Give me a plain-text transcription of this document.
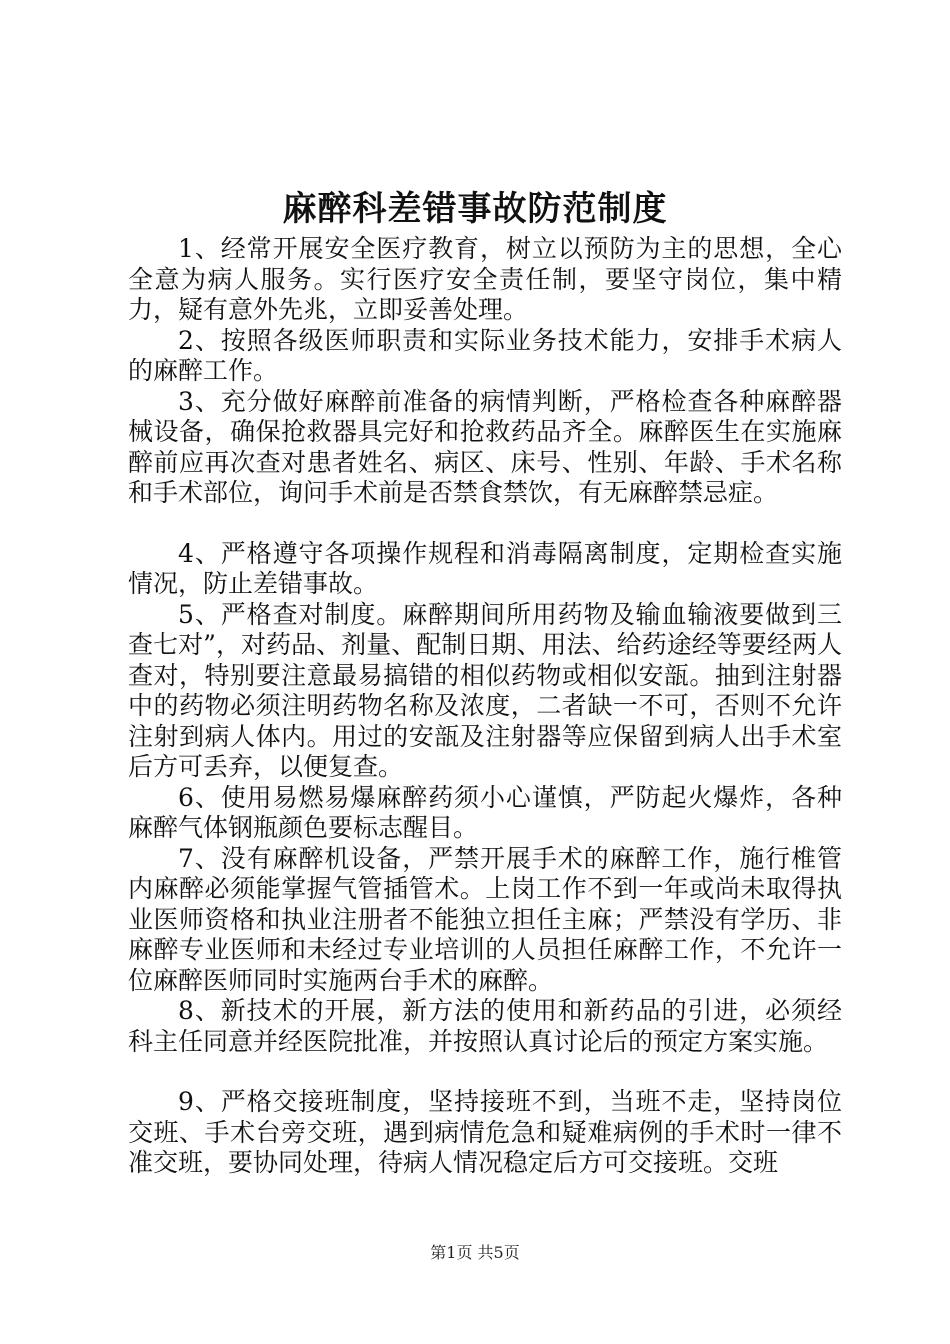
麻醉科差错事故防范制度

1、经常开展安全医疗教育，树立以预防为主的思想，全心全意为病人服务。实行医疗安全责任制，要坚守岗位，集中精力，疑有意外先兆，立即妥善处理。

2、按照各级医师职责和实际业务技术能力，安排手术病人的麻醉工作。

3、充分做好麻醉前准备的病情判断，严格检查各种麻醉器械设备，确保抢救器具完好和抢救药品齐全。麻醉医生在实施麻醉前应再次查对患者姓名、病区、床号、性别、年龄、手术名称和手术部位，询问手术前是否禁食禁饮，有无麻醉禁忌症。

4、严格遵守各项操作规程和消毒隔离制度，定期检查实施情况，防止差错事故。

5、严格查对制度。麻醉期间所用药物及输血输液要做到三查七对”，对药品、剂量、配制日期、用法、给药途经等要经两人查对，特别要注意最易搞错的相似药物或相似安瓿。抽到注射器中的药物必须注明药物名称及浓度，二者缺一不可，否则不允许注射到病人体内。用过的安瓿及注射器等应保留到病人出手术室后方可丢弃，以便复查。

6、使用易燃易爆麻醉药须小心谨慎，严防起火爆炸，各种麻醉气体钢瓶颜色要标志醒目。

7、没有麻醉机设备，严禁开展手术的麻醉工作，施行椎管内麻醉必须能掌握气管插管术。上岗工作不到一年或尚未取得执业医师资格和执业注册者不能独立担任主麻；严禁没有学历、非麻醉专业医师和未经过专业培训的人员担任麻醉工作，不允许一位麻醉医师同时实施两台手术的麻醉。

8、新技术的开展，新方法的使用和新药品的引进，必须经科主任同意并经医院批准，并按照认真讨论后的预定方案实施。

9、严格交接班制度，坚持接班不到，当班不走，坚持岗位交班、手术台旁交班，遇到病情危急和疑难病例的手术时一律不准交班，要协同处理，待病人情况稳定后方可交接班。交班

第1页 共5页
